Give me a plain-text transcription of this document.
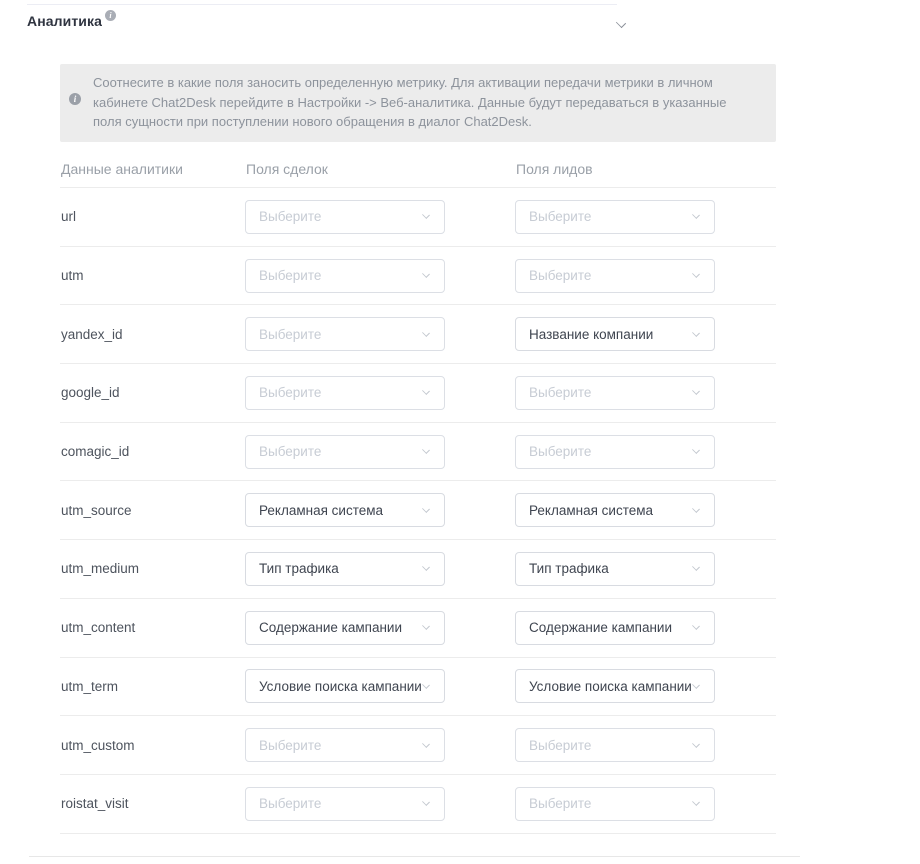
Аналитика i
i
Соотнесите в какие поля заносить определенную метрику. Для активации передачи метрики в личном кабинете Chat2Desk перейдите в Настройки -> Веб-аналитика. Данные будут передаваться в указанные поля сущности при поступлении нового обращения в диалог Chat2Desk.
Данные аналитики	Поля сделок	Поля лидов
url	Выберите	Выберите
utm	Выберите	Выберите
yandex_id	Выберите	Название компании
google_id	Выберите	Выберите
comagic_id	Выберите	Выберите
utm_source	Рекламная система	Рекламная система
utm_medium	Тип трафика	Тип трафика
utm_content	Содержание кампании	Содержание кампании
utm_term	Условие поиска кампании	Условие поиска кампании
utm_custom	Выберите	Выберите
roistat_visit	Выберите	Выберите
